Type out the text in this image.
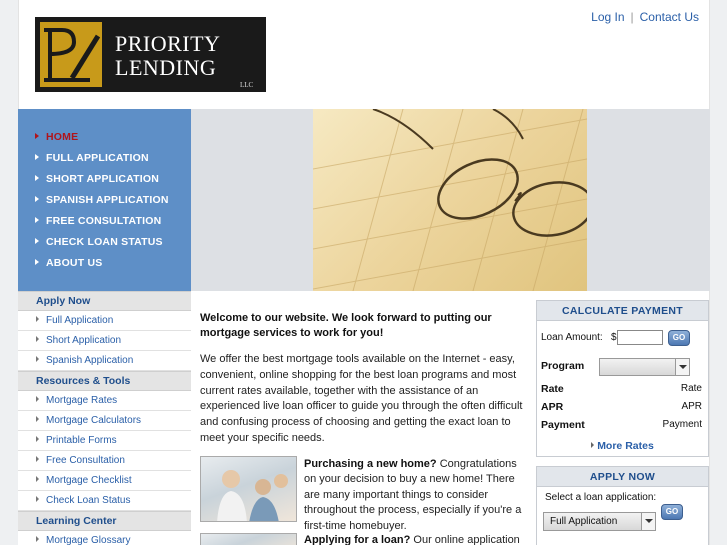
PRIORITY
LENDING
LLC
Log In | Contact Us
HOME
FULL APPLICATION
SHORT APPLICATION
SPANISH APPLICATION
FREE CONSULTATION
CHECK LOAN STATUS
ABOUT US
Apply Now
Full Application
Short Application
Spanish Application
Resources & Tools
Mortgage Rates
Mortgage Calculators
Printable Forms
Free Consultation
Mortgage Checklist
Check Loan Status
Learning Center
Mortgage Glossary
Welcome to our website. We look forward to putting our mortgage services to work for you!
We offer the best mortgage tools available on the Internet - easy, convenient, online shopping for the best loan programs and most current rates available, together with the assistance of an experienced live loan officer to guide you through the often difficult and confusing process of choosing and getting the exact loan to meet your specific needs.
Purchasing a new home? Congratulations on your decision to buy a new home! There are many important things to consider throughout the process, especially if you're a first-time homebuyer.
Applying for a loan? Our online application
CALCULATE PAYMENT
Loan Amount: $	GO
Program
Rate	Rate
APR	APR
Payment	Payment
More Rates
APPLY NOW
Select a loan application:
Full Application
GO
